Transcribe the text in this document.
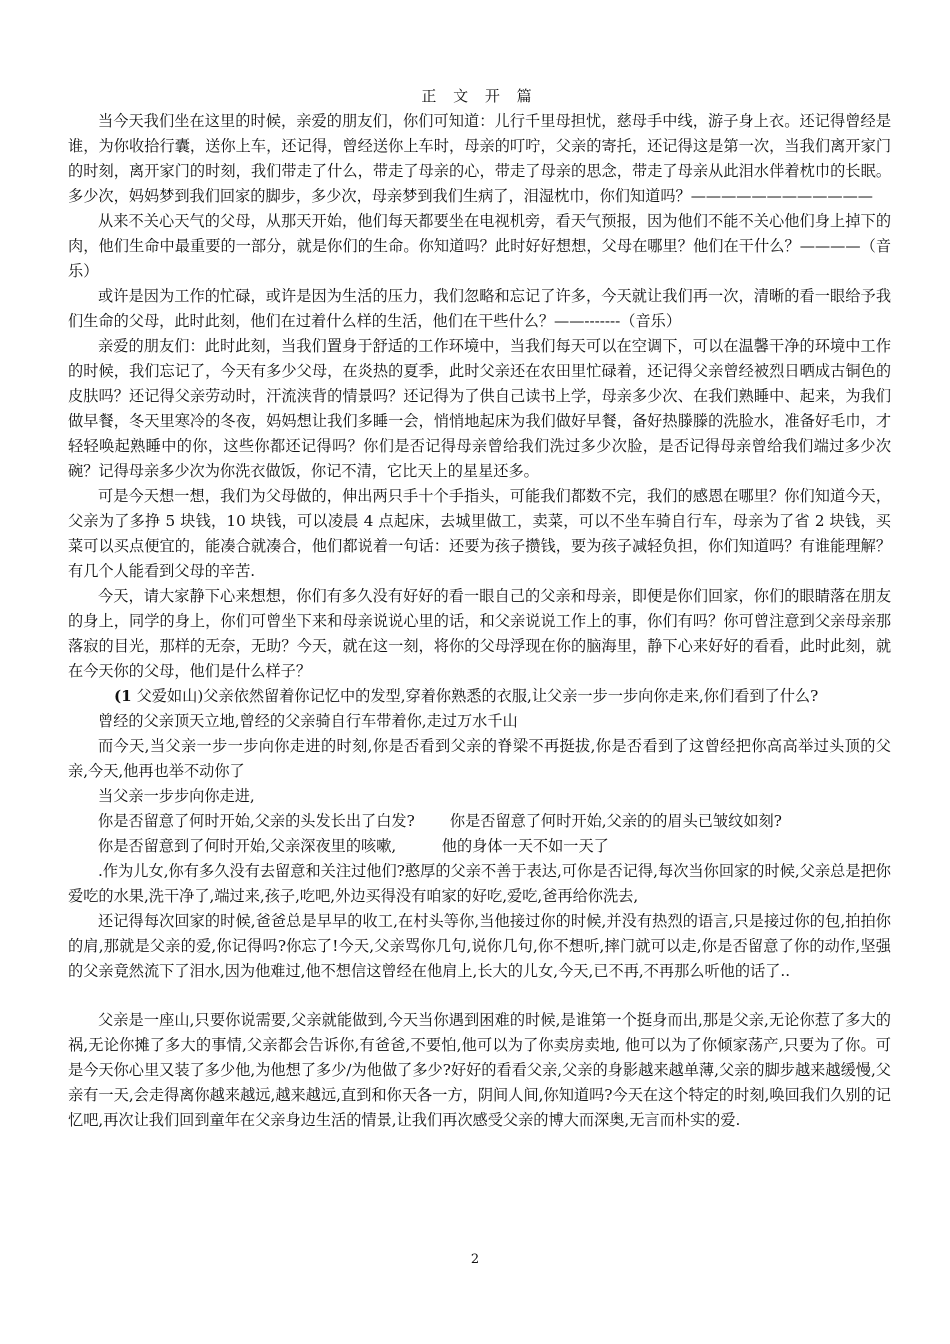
正 文 开 篇

当今天我们坐在这里的时候，亲爱的朋友们，你们可知道：儿行千里母担忧，慈母手中线，游子身上衣。还记得曾经是谁，为你收拾行囊，送你上车，还记得，曾经送你上车时，母亲的叮咛，父亲的寄托，还记得这是第一次，当我们离开家门的时刻，离开家门的时刻，我们带走了什么，带走了母亲的心，带走了母亲的思念，带走了母亲从此泪水伴着枕巾的长眠。多少次，妈妈梦到我们回家的脚步，多少次，母亲梦到我们生病了，泪湿枕巾，你们知道吗？————————————

从来不关心天气的父母，从那天开始，他们每天都要坐在电视机旁，看天气预报，因为他们不能不关心他们身上掉下的肉，他们生命中最重要的一部分，就是你们的生命。你知道吗？此时好好想想，父母在哪里？他们在干什么？————（音乐）

或许是因为工作的忙碌，或许是因为生活的压力，我们忽略和忘记了许多，今天就让我们再一次，清晰的看一眼给予我们生命的父母，此时此刻，他们在过着什么样的生活，他们在干些什么？——-------（音乐）

亲爱的朋友们：此时此刻，当我们置身于舒适的工作环境中，当我们每天可以在空调下，可以在温馨干净的环境中工作的时候，我们忘记了，今天有多少父母，在炎热的夏季，此时父亲还在农田里忙碌着，还记得父亲曾经被烈日晒成古铜色的皮肤吗？还记得父亲劳动时，汗流浃背的情景吗？还记得为了供自己读书上学，母亲多少次、在我们熟睡中、起来，为我们做早餐，冬天里寒冷的冬夜，妈妈想让我们多睡一会，悄悄地起床为我们做好早餐，备好热滕滕的洗脸水，准备好毛巾，才轻轻唤起熟睡中的你，这些你都还记得吗？你们是否记得母亲曾给我们洗过多少次脸，是否记得母亲曾给我们端过多少次碗？记得母亲多少次为你洗衣做饭，你记不清，它比天上的星星还多。

可是今天想一想，我们为父母做的，伸出两只手十个手指头，可能我们都数不完，我们的感恩在哪里？你们知道今天，父亲为了多挣 5 块钱，10 块钱，可以凌晨 4 点起床，去城里做工，卖菜，可以不坐车骑自行车，母亲为了省 2 块钱，买菜可以买点便宜的，能凑合就凑合，他们都说着一句话：还要为孩子攒钱，要为孩子减轻负担，你们知道吗？有谁能理解？有几个人能看到父母的辛苦.

今天，请大家静下心来想想，你们有多久没有好好的看一眼自己的父亲和母亲，即便是你们回家，你们的眼睛落在朋友的身上，同学的身上，你们可曾坐下来和母亲说说心里的话，和父亲说说工作上的事，你们有吗？你可曾注意到父亲母亲那落寂的目光，那样的无奈，无助？今天，就在这一刻，将你的父母浮现在你的脑海里，静下心来好好的看看，此时此刻，就在今天你的父母，他们是什么样子？

(1 父爱如山)父亲依然留着你记忆中的发型,穿着你熟悉的衣服,让父亲一步一步向你走来,你们看到了什么?

曾经的父亲顶天立地,曾经的父亲骑自行车带着你,走过万水千山

而今天,当父亲一步一步向你走进的时刻,你是否看到父亲的脊梁不再挺拔,你是否看到了这曾经把你高高举过头顶的父亲,今天,他再也举不动你了

当父亲一步步向你走进,

你是否留意了何时开始,父亲的头发长出了白发?　　 你是否留意了何时开始,父亲的的眉头已皱纹如刻?

你是否留意到了何时开始,父亲深夜里的咳嗽,　　　他的身体一天不如一天了

.作为儿女,你有多久没有去留意和关注过他们?憨厚的父亲不善于表达,可你是否记得,每次当你回家的时候,父亲总是把你爱吃的水果,洗干净了,端过来,孩子,吃吧,外边买得没有咱家的好吃,爱吃,爸再给你洗去,

还记得每次回家的时候,爸爸总是早早的收工,在村头等你,当他接过你的时候,并没有热烈的语言,只是接过你的包,拍拍你的肩,那就是父亲的爱,你记得吗?你忘了!今天,父亲骂你几句,说你几句,你不想听,摔门就可以走,你是否留意了你的动作,坚强的父亲竟然流下了泪水,因为他难过,他不想信这曾经在他肩上,长大的儿女,今天,已不再,不再那么听他的话了..

父亲是一座山,只要你说需要,父亲就能做到,今天当你遇到困难的时候,是谁第一个挺身而出,那是父亲,无论你惹了多大的祸,无论你摊了多大的事情,父亲都会告诉你,有爸爸,不要怕,他可以为了你卖房卖地, 他可以为了你倾家荡产,只要为了你。可是今天你心里又装了多少他,为他想了多少/为他做了多少?好好的看看父亲,父亲的身影越来越单薄,父亲的脚步越来越缓慢,父亲有一天,会走得离你越来越远,越来越远,直到和你天各一方，阴间人间,你知道吗?今天在这个特定的时刻,唤回我们久别的记忆吧,再次让我们回到童年在父亲身边生活的情景,让我们再次感受父亲的博大而深奥,无言而朴实的爱.

2
